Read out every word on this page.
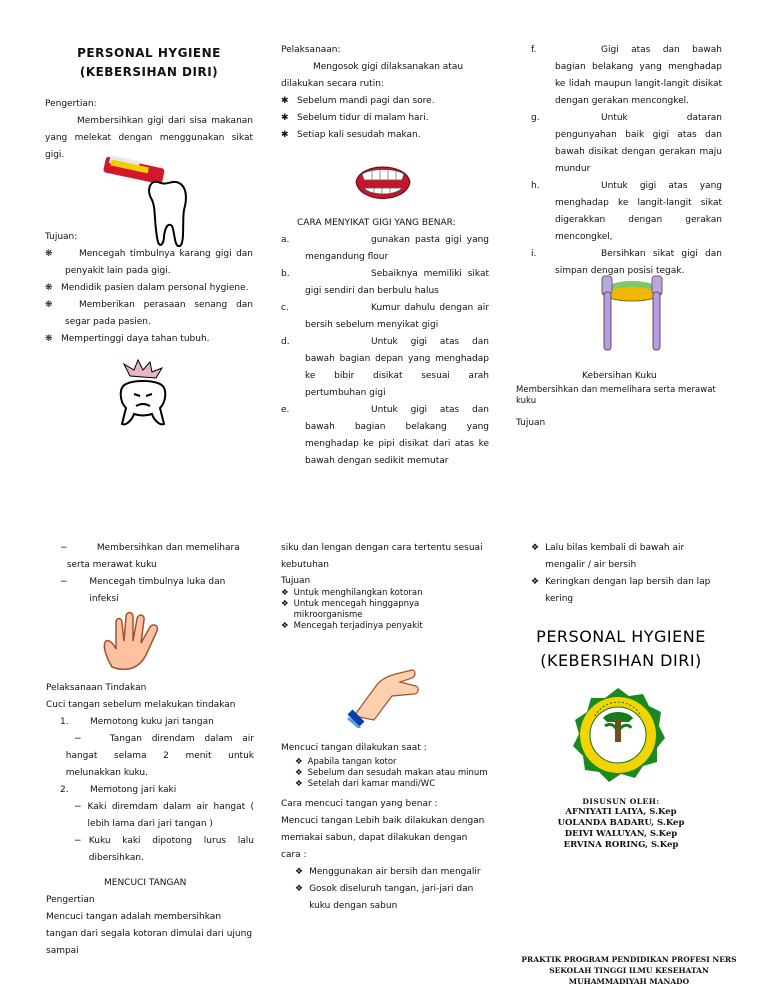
PERSONAL HYGIENE
(KEBERSIHAN DIRI)

Pengertian:

Membersihkan gigi dari sisa makanan yang melekat dengan menggunakan sikat gigi.

Tujuan:

❋	Mencegah timbulnya karang gigi dan penyakit lain pada gigi.
❋ Mendidik pasien dalam personal hygiene.
❋	Memberikan perasaan senang dan segar pada pasien.
❋ Mempertinggi daya tahan tubuh.

Pelaksanaan:

Mengosok gigi dilaksanakan atau dilakukan secara rutin:

✱ Sebelum mandi pagi dan sore.
✱ Sebelum tidur di malam hari.
✱ Setiap kali sesudah makan.

CARA MENYIKAT GIGI YANG BENAR:

a.	gunakan pasta gigi yang mengandung flour
b.	Sebaiknya memiliki sikat gigi sendiri dan berbulu halus
c.	Kumur dahulu dengan air bersih sebelum menyikat gigi
d.	Untuk gigi atas dan bawah bagian depan yang menghadap ke bibir disikat sesuai arah pertumbuhan gigi
e.	Untuk gigi atas dan bawah bagian belakang yang menghadap ke pipi disikat dari atas ke bawah dengan sedikit memutar
f.	Gigi atas dan bawah bagian belakang yang menghadap ke lidah maupun langit-langit disikat dengan gerakan mencongkel.
g.	Untuk dataran pengunyahan baik gigi atas dan bawah disikat dengan gerakan maju mundur
h.	Untuk gigi atas yang menghadap ke langit-langit sikat digerakkan dengan gerakan mencongkel,
i.	Bersihkan sikat gigi dan simpan dengan posisi tegak.

Kebersihan Kuku

Membersihkan dan memelihara serta merawat kuku

Tujuan

−	Membersihkan dan memelihara serta merawat kuku
−	Mencegah timbulnya luka dan infeksi

Pelaksanaan Tindakan

Cuci tangan sebelum melakukan tindakan

1.	Memotong kuku jari tangan
−	Tangan direndam dalam air hangat selama 2 menit untuk melunakkan kuku.
2.	Memotong jari kaki
− Kaki diremdam dalam air hangat ( lebih lama dari jari tangan )
− Kuku kaki dipotong lurus lalu dibersihkan.

MENCUCI TANGAN

Pengertian

Mencuci tangan adalah membersihkan tangan dari segala kotoran dimulai dari ujung sampai

siku dan lengan dengan cara tertentu sesuai kebutuhan

Tujuan

❖ Untuk menghilangkan kotoran
❖ Untuk mencegah hinggapnya mikroorganisme
❖ Mencegah terjadinya penyakit

Mencuci tangan dilakukan saat :

❖ Apabila tangan kotor
❖ Sebelum dan sesudah makan atau minum
❖ Setelah dari kamar mandi/WC

Cara mencuci tangan yang benar :

Mencuci tangan Lebih baik dilakukan dengan memakai sabun, dapat dilakukan dengan cara :

❖ Menggunakan air bersih dan mengalir
❖ Gosok diseluruh tangan, jari-jari dan kuku dengan sabun
❖ Lalu bilas kembali di bawah air mengalir / air bersih
❖ Keringkan dengan lap bersih dan lap kering
PERSONAL HYGIENE
(KEBERSIHAN DIRI)
DISUSUN OLEH:
AFNIYATI LAIYA, S.Kep
UOLANDA BADARU, S.Kep
DEIVI WALUYAN, S.Kep
ERVINA RORING, S.Kep
PRAKTIK PROGRAM PENDIDIKAN PROFESI NERS
SEKOLAH TINGGI ILMU KESEHATAN
MUHAMMADIYAH MANADO
